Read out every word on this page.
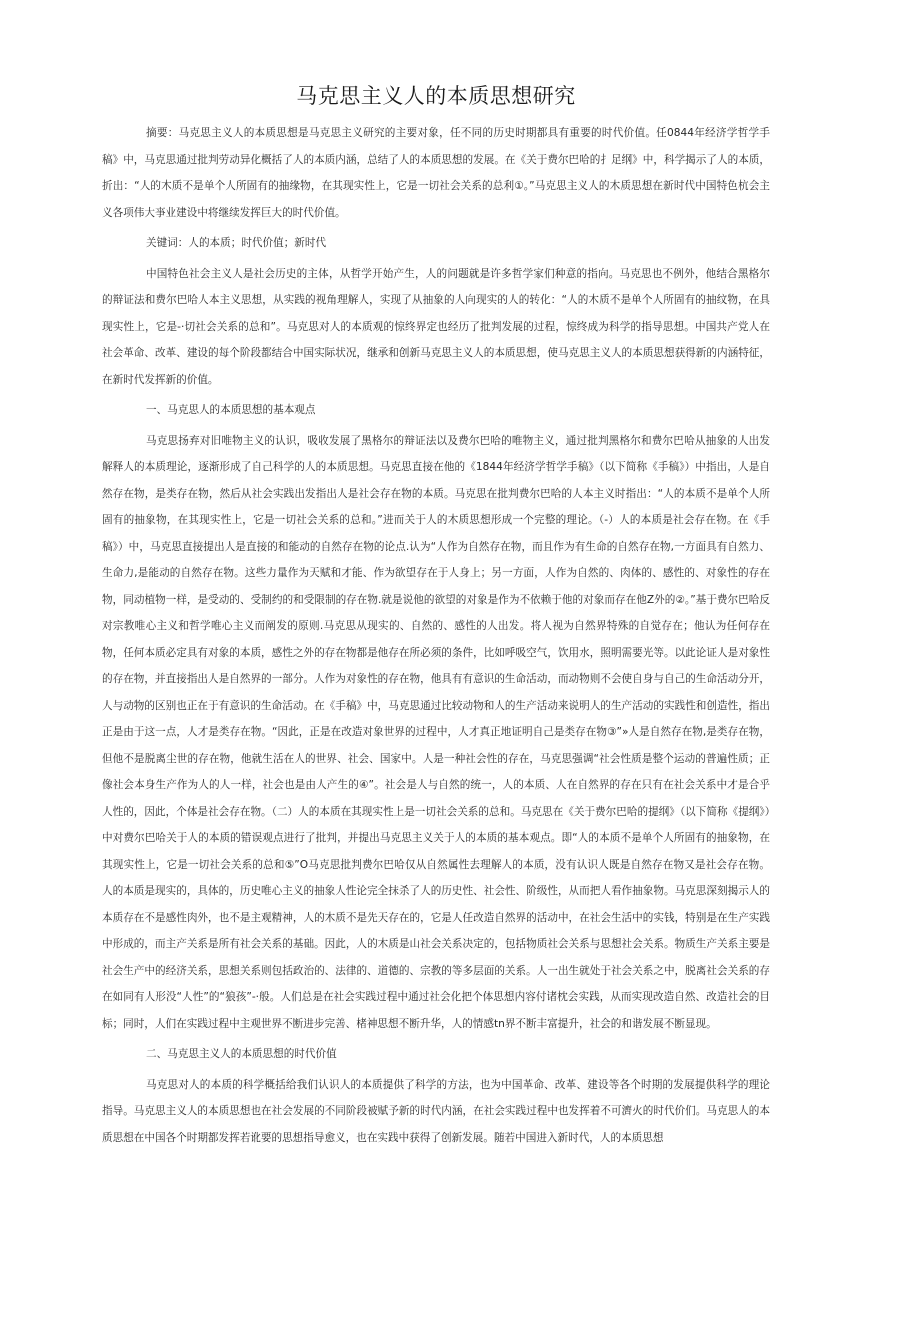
马克思主义人的本质思想研究

摘要：马克思主义人的本质思想是马克思主义研究的主要对象，任不同的历史时期都具有重要的时代价值。任0844年经济学哲学手稿》中，马克思通过批判劳动异化概括了人的本质内涵，总结了人的本质思想的发展。在《关于费尔巴哈的扌足纲》中，科学揭示了人的本质，折出：“人的木质不是单个人所固有的抽缘物，在其现实性上，它是一切社会关系的总利①。”马克思主义人的木质思想在新时代中国特色杭会主义各项伟大亊业建设中将继续发挥巨大的时代价值。

关键词：人的本质；时代价值；新时代

中国特色社会主义人是社会历史的主体，从哲学开始产生，人的问题就是许多哲学家们种意的指向。马克思也不例外，他结合黑格尔的辩证法和费尔巴哈人本主义思想，从实践的视角理解人，实现了从抽象的人向现实的人的转化：“人的木质不是单个人所固有的抽纹物，在具现实性上，它是-·切社会关系的总和”。马克思对人的本质观的惊终界定也经历了批判发展的过程，惊终成为科学的指导思想。中国共产党人在社会革命、改革、建设的每个阶段都结合中国实际状况，继承和创新马克思主义人的本质思想，使马克思主义人的本质思想获得新的内涵特征，在新时代发挥新的价值。

一、马克思人的本质思想的基本观点

马克思扬弃对旧唯物主义的认识，吸收发展了黑格尔的辩证法以及费尔巴哈的唯物主义，通过批判黑格尔和费尔巴哈从抽象的人出发解释人的本质理论，逐渐形成了自己科学的人的本质思想。马克思直接在他的《1844年经济学哲学手稿》（以下简称《手稿》）中指出，人是自然存在物，是类存在物，然后从社会实践出发指出人是社会存在物的本质。马克思在批判费尔巴哈的人本主义时指出：“人的本质不是单个人所固有的抽象物，在其现实性上，它是一切社会关系的总和。”进而关于人的木质思想形成一个完整的理论。（-）人的本质是社会存在物。在《手稿》）中，马克思直接提出人是直接的和能动的自然存在物的论点.认为“人作为自然存在物，而且作为有生命的自然存在物,一方面具有自然力、生命力,是能动的自然存在物。这些力量作为天赋和才能、作为欲望存在于人身上；另一方面，人作为自然的、肉体的、感性的、对象性的存在物，同动植物一样，是受动的、受制约的和受限制的存在物.就是说他的欲望的对象是作为不依赖于他的对象而存在他Z外的②。”基于费尔巴哈反对宗教唯心主义和哲学唯心主义而阐发的原则.马克思从现实的、自然的、感性的人出发。将人视为自然界特殊的自觉存在；他认为任何存在物，任何本质必定具有对象的本质，感性之外的存在物都是他存在所必须的条件，比如呼吸空气，饮用水，照明需要光等。以此论证人是对象性的存在物，并直接指出人是自然界的一部分。人作为对象性的存在物，他具有有意识的生命活动，而动物则不会使自身与自己的生命活动分开，人与动物的区别也正在于有意识的生命活动。在《手稿》中，马克思通过比较动物和人的生产活动来说明人的生产活动的实践性和创造性，指出正是由于这一点，人才是类存在物。“因此，正是在改造对象世界的过程中，人才真正地证明自己是类存在物③”»人是自然存在物,是类存在物，但他不是脱离尘世的存在物，他就生活在人的世界、社会、国家中。人是一种社会性的存在，马克思强调“社会性质是整个运动的普遍性质；正像社会本身生产作为人的人一样，社会也是由人产生的④”。社会是人与自然的统一，人的本质、人在自然界的存在只有在社会关系中才是合乎人性的，因此，个体是社会存在物。（二）人的本质在其现实性上是一切社会关系的总和。马克思在《关于费尔巴哈的提纲》（以下简称《提纲》）中对费尔巴哈关于人的本质的错误观点进行了批判，并提出马克思主义关于人的本质的基本观点。即“人的本质不是单个人所固有的抽象物，在其现实性上，它是一切社会关系的总和⑤”O马克思批判费尔巴哈仅从自然属性去理解人的本质，没有认识人既是自然存在物又是社会存在物。人的本质是现实的，具体的，历史唯心主义的抽象人性论完全抹杀了人的历史性、社会性、阶级性，从而把人看作抽象物。马克思深刻揭示人的本质存在不是感性肉外，也不是主观精神，人的木质不是先天存在的，它是人任改造自然界的活动中，在社会生活中的实钱，特别是在生产实践中形成的，而主产关系是所有社会关系的基础。因此，人的木质是山社会关系决定的，包括物质社会关系与思想社会关系。物质生产关系主要是社会生产中的经济关系，思想关系则包括政治的、法律的、道德的、宗教的等多层面的关系。人一出生就处于社会关系之中，脱离社会关系的存在如同有人形没“人性”的“狼孩”-·般。人们总是在社会实践过程中通过社会化把个体思想内容付诸枕会实践，从而实现改造自然、改造社会的目标；同时，人们在实践过程中主观世界不断进步完善、楮神思想不断升华，人的情感tn界不断丰富提升，社会的和谐发展不断显现。

二、马克思主义人的本质思想的时代价值

马克思对人的本质的科学概括给我们认识人的本质提供了科学的方法，也为中国革命、改革、建设等各个时期的发展提供科学的理论指导。马克思主义人的本质思想也在社会发展的不同阶段被赋予新的时代内涵，在社会实践过程中也发挥着不可濟火的时代价们。马克思人的本质思想在中国各个时期都发挥若讹要的思想指导愈义，也在实践中获得了创新发展。随若中国进入新时代，人的本质思想
